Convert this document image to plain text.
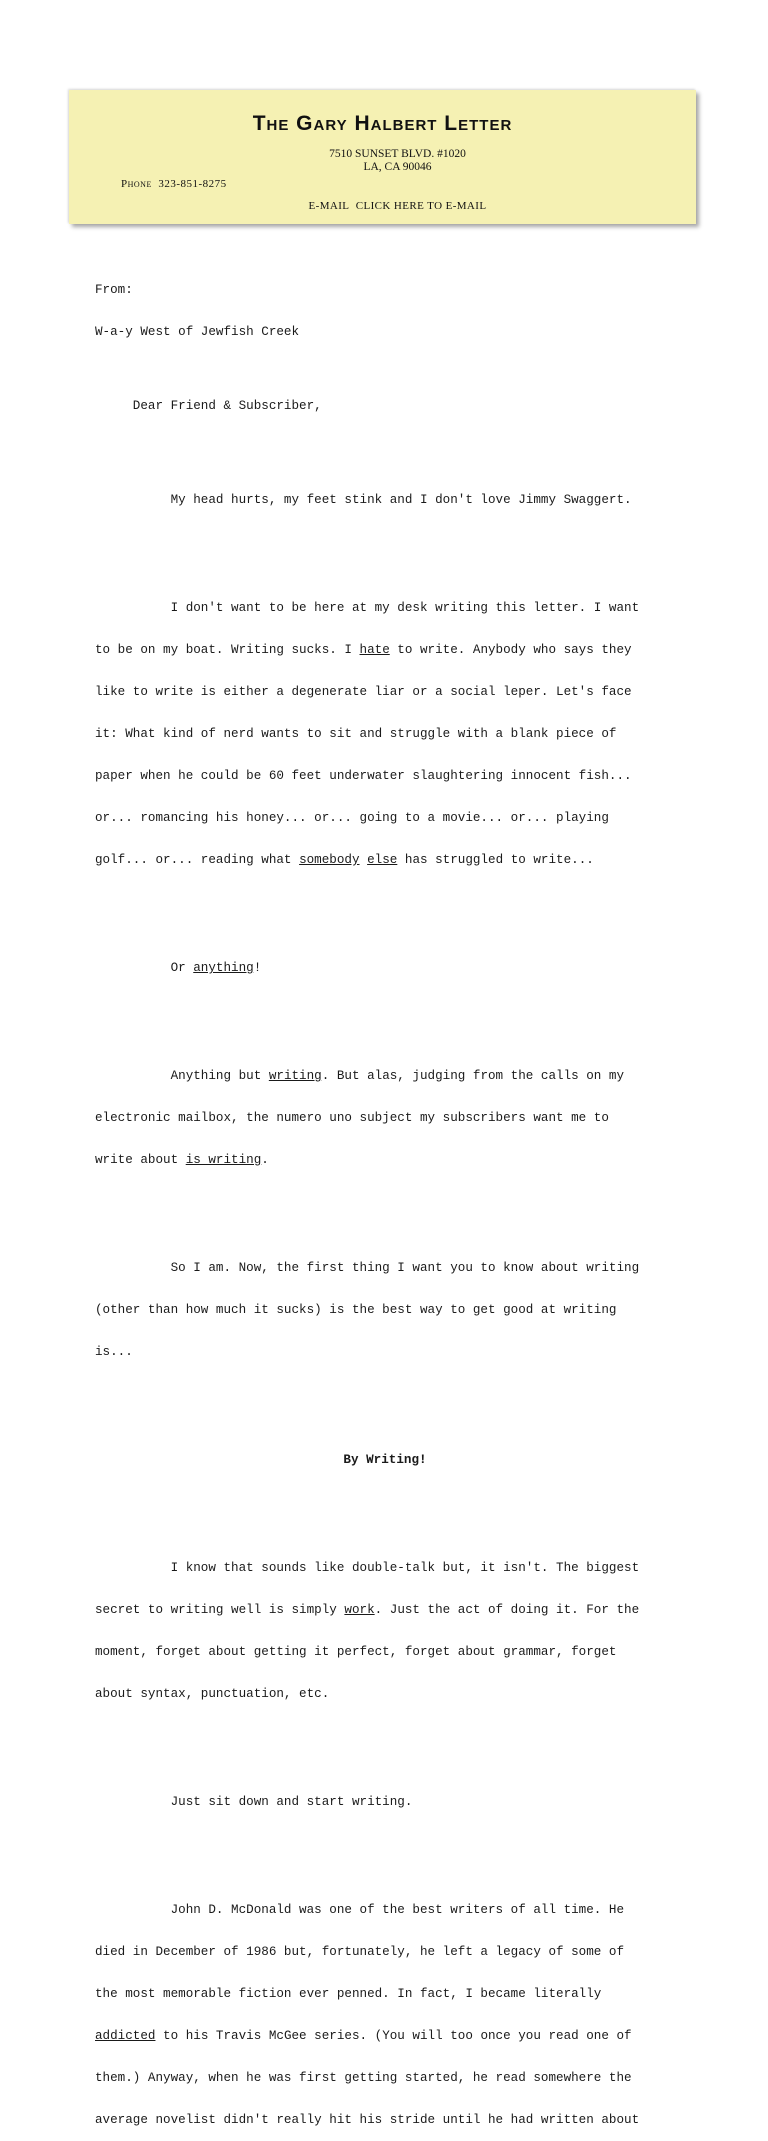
The Gary Halbert Letter
7510 SUNSET BLVD. #1020
LA, CA 90046
Phone 323-851-8275
E-MAIL CLICK HERE TO E-MAIL

From:

W-a-y West of Jewfish Creek

Dear Friend & Subscriber,

My head hurts, my feet stink and I don't love Jimmy Swaggert.

I don't want to be here at my desk writing this letter. I want

to be on my boat. Writing sucks. I hate to write. Anybody who says they

like to write is either a degenerate liar or a social leper. Let's face

it: What kind of nerd wants to sit and struggle with a blank piece of

paper when he could be 60 feet underwater slaughtering innocent fish...

or... romancing his honey... or... going to a movie... or... playing

golf... or... reading what somebody else has struggled to write...

Or anything!

Anything but writing. But alas, judging from the calls on my

electronic mailbox, the numero uno subject my subscribers want me to

write about is writing.

So I am. Now, the first thing I want you to know about writing

(other than how much it sucks) is the best way to get good at writing

is...

By Writing!

I know that sounds like double-talk but, it isn't. The biggest

secret to writing well is simply work. Just the act of doing it. For the

moment, forget about getting it perfect, forget about grammar, forget

about syntax, punctuation, etc.

Just sit down and start writing.

John D. McDonald was one of the best writers of all time. He

died in December of 1986 but, fortunately, he left a legacy of some of

the most memorable fiction ever penned. In fact, I became literally

addicted to his Travis McGee series. (You will too once you read one of

them.) Anyway, when he was first getting started, he read somewhere the

average novelist didn't really hit his stride until he had written about
